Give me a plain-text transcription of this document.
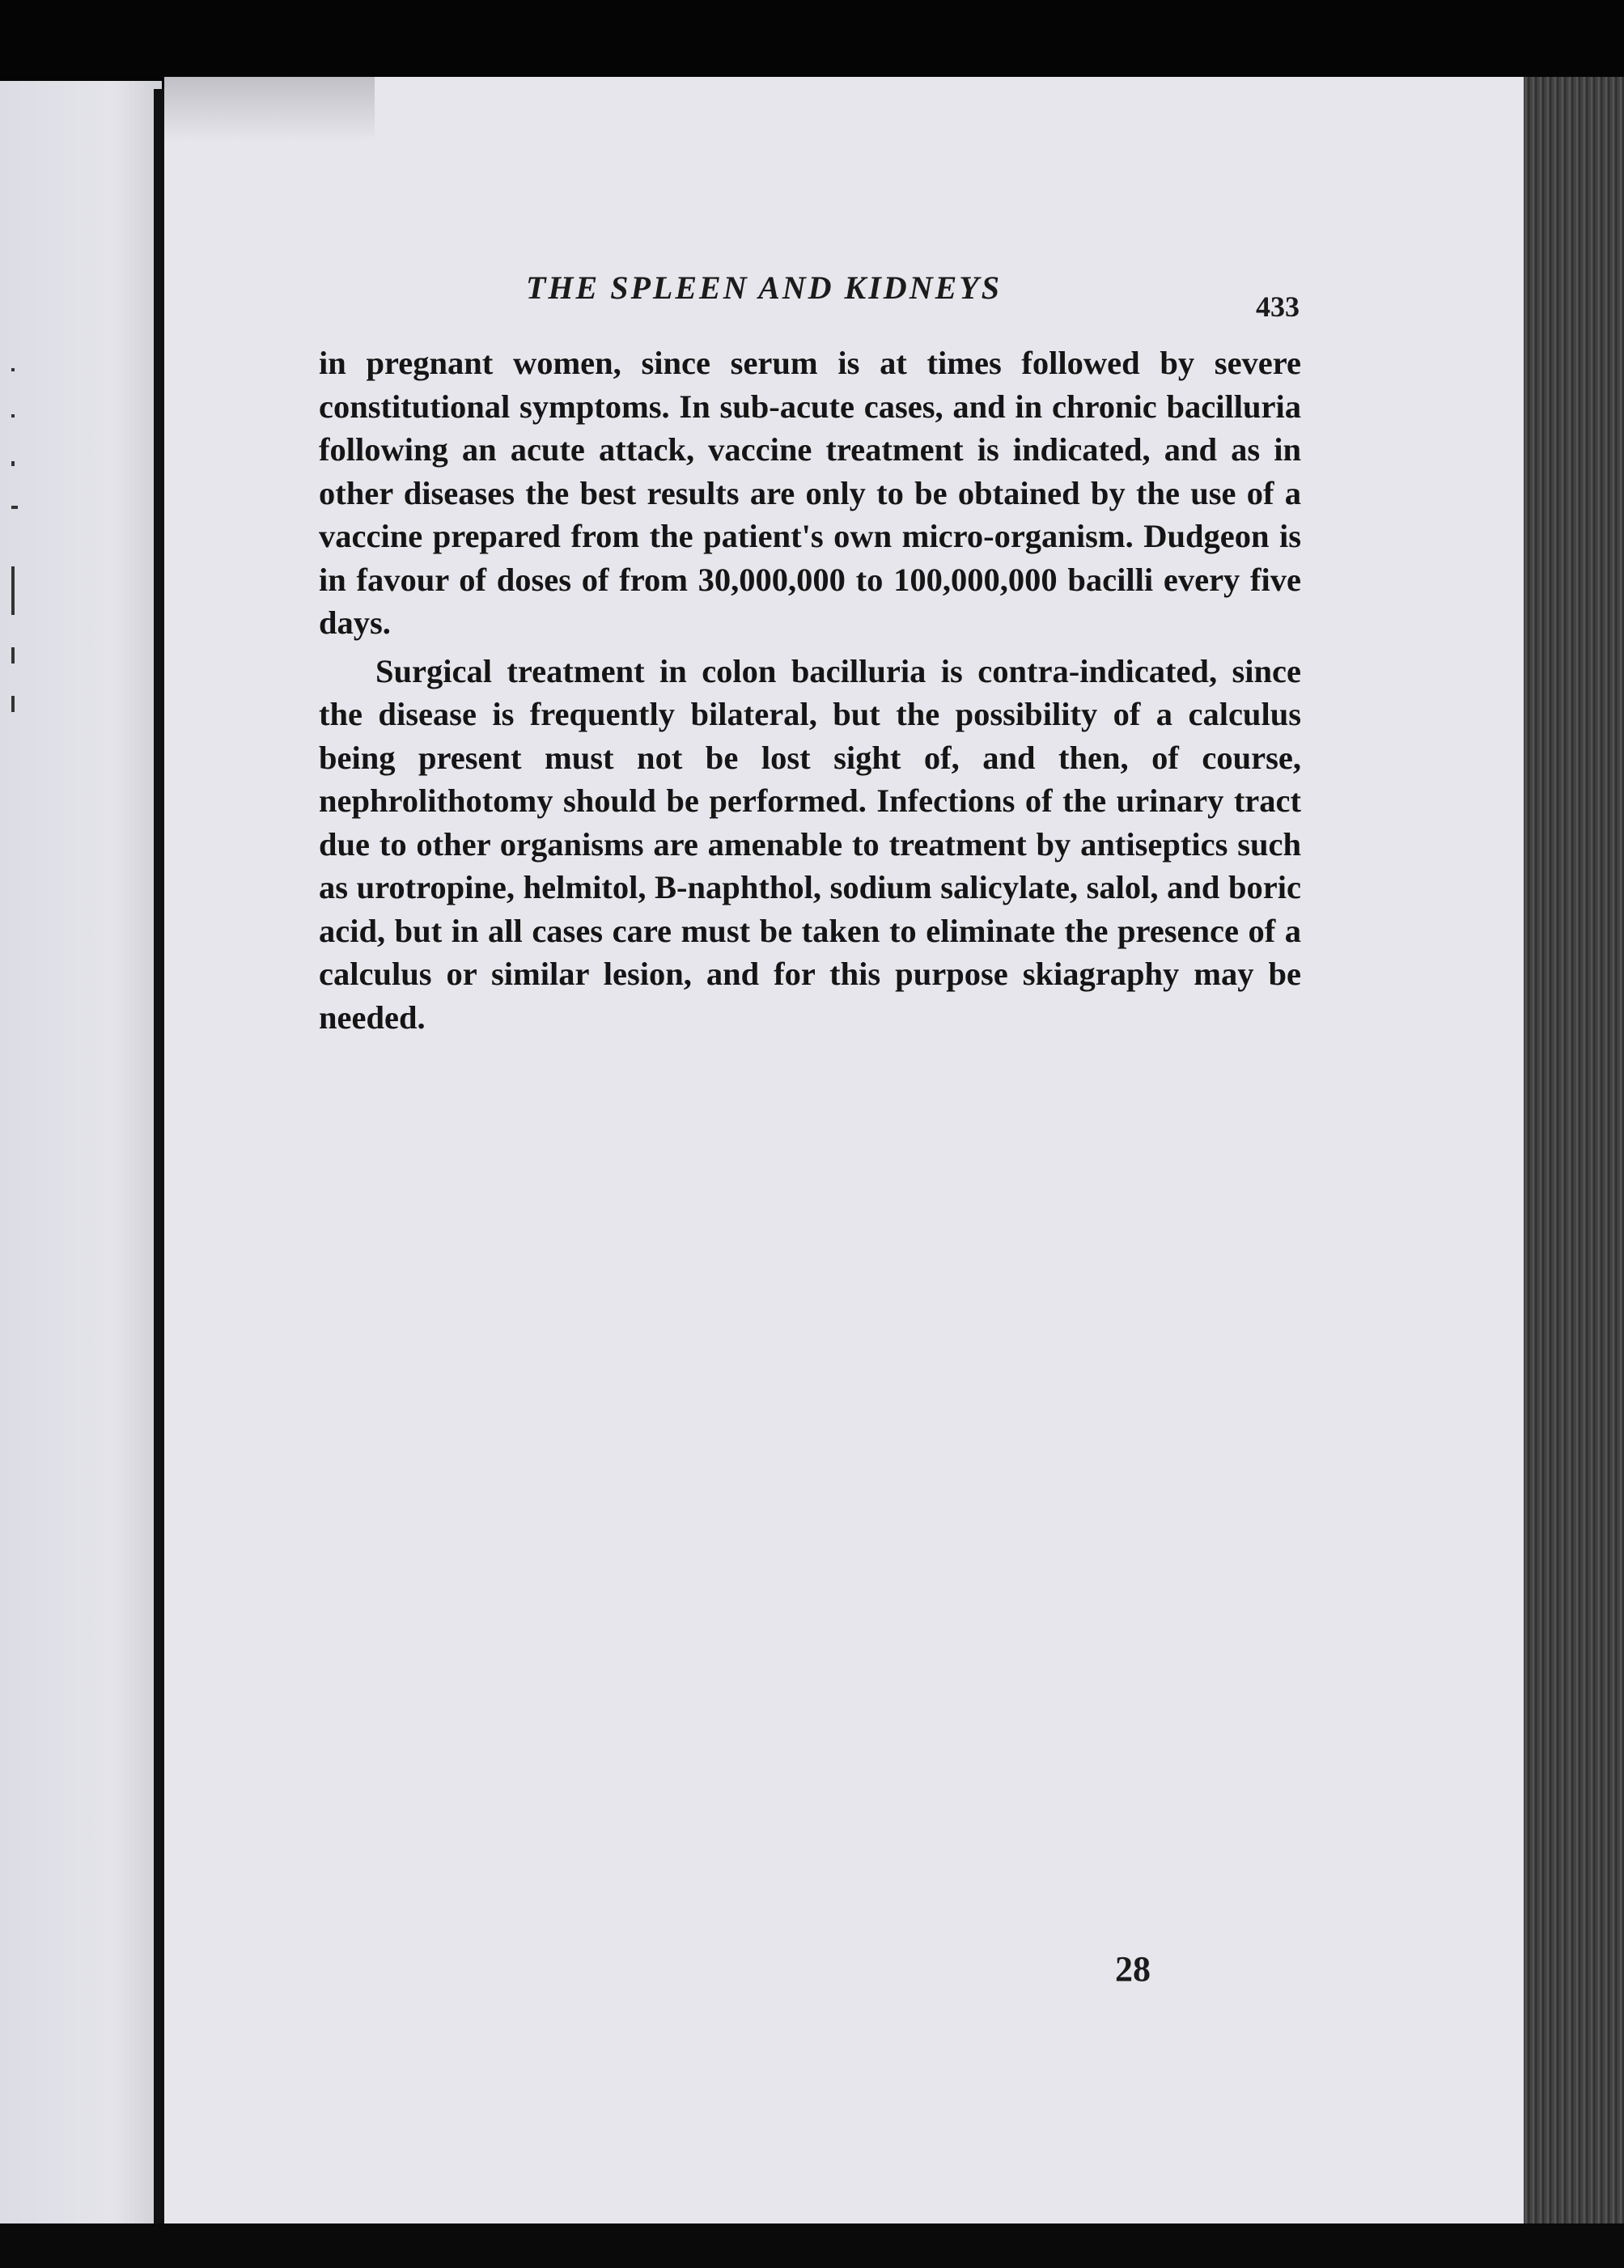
THE SPLEEN AND KIDNEYS
433

in pregnant women, since serum is at times followed by severe constitutional symptoms. In sub-acute cases, and in chronic bacilluria following an acute attack, vaccine treatment is indicated, and as in other diseases the best results are only to be obtained by the use of a vaccine prepared from the patient's own micro-organism. Dudgeon is in favour of doses of from 30,000,000 to 100,000,000 bacilli every five days.

Surgical treatment in colon bacilluria is contra-indicated, since the disease is frequently bilateral, but the possibility of a calculus being present must not be lost sight of, and then, of course, nephrolithotomy should be performed. Infections of the urinary tract due to other organisms are amenable to treatment by antiseptics such as urotropine, helmitol, B-naphthol, sodium salicylate, salol, and boric acid, but in all cases care must be taken to eliminate the presence of a calculus or similar lesion, and for this purpose skiagraphy may be needed.

28
